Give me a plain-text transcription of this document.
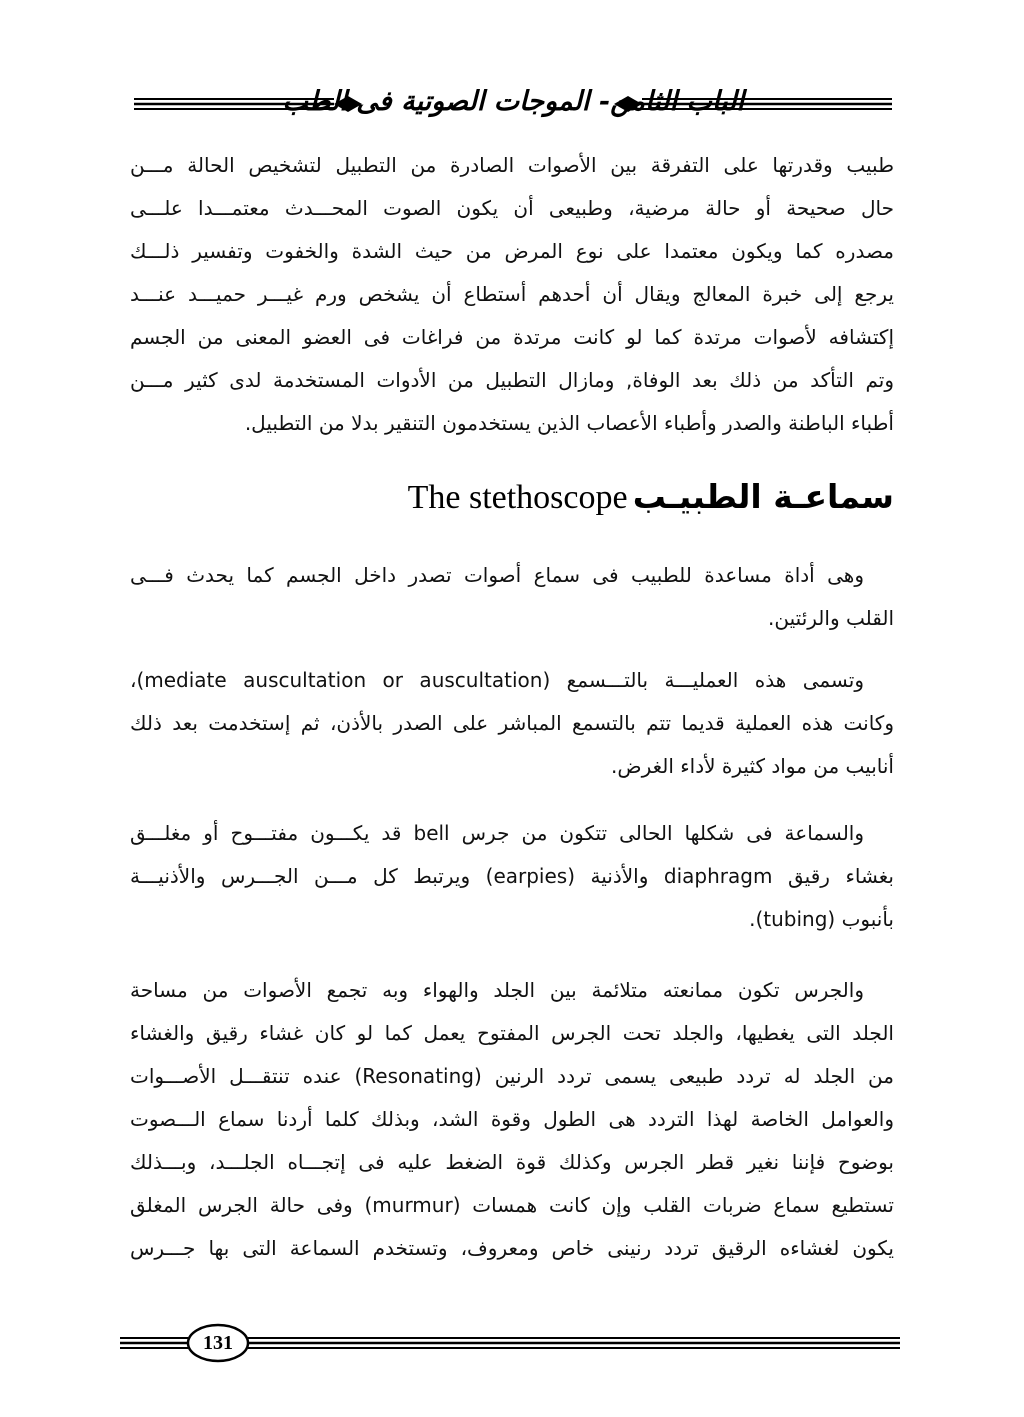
الباب الثامن- الموجات الصوتية فى الطب
طبيب وقدرتها على التفرقة بين الأصوات الصادرة من التطبيل لتشخيص الحالة مـــن
حال صحيحة أو حالة مرضية، وطبيعى أن يكون الصوت المحـــدث معتمـــدا علـــى
مصدره كما ويكون معتمدا على نوع المرض من حيث الشدة والخفوت وتفسير ذلـــك
يرجع إلى خبرة المعالج ويقال أن أحدهم أستطاع أن يشخص ورم غيـــر حميـــد عنـــد
إكتشافه لأصوات مرتدة كما لو كانت مرتدة من فراغات فى العضو المعنى من الجسم
وتم التأكد من ذلك بعد الوفاة, ومازال التطبيل من الأدوات المستخدمة لدى كثير مـــن
أطباء الباطنة والصدر وأطباء الأعصاب الذين يستخدمون التنقير بدلا من التطبيل.
سماعـة الطبيـب The stethoscope
وهى أداة مساعدة للطبيب فى سماع أصوات تصدر داخل الجسم كما يحدث فـــى
القلب والرئتين.
وتسمى هذه العمليـــة بالتـــسمع (mediate auscultation or auscultation)،
وكانت هذه العملية قديما تتم بالتسمع المباشر على الصدر بالأذن، ثم إستخدمت بعد ذلك
أنابيب من مواد كثيرة لأداء الغرض.
والسماعة فى شكلها الحالى تتكون من جرس bell قد يكـــون مفتـــوح أو مغلـــق
بغشاء رقيق diaphragm والأذنية (earpies) ويرتبط كل مـــن الجـــرس والأذنيـــة
بأنبوب (tubing).
والجرس تكون ممانعته متلائمة بين الجلد والهواء وبه تجمع الأصوات من مساحة
الجلد التى يغطيها، والجلد تحت الجرس المفتوح يعمل كما لو كان غشاء رقيق والغشاء
من الجلد له تردد طبيعى يسمى تردد الرنين (Resonating) عنده تنتقـــل الأصـــوات
والعوامل الخاصة لهذا التردد هى الطول وقوة الشد، وبذلك كلما أردنا سماع الـــصوت
بوضوح فإننا نغير قطر الجرس وكذلك قوة الضغط عليه فى إتجـــاه الجلـــد، وبـــذلك
تستطيع سماع ضربات القلب وإن كانت همسات (murmur) وفى حالة الجرس المغلق
يكون لغشاءه الرقيق تردد رنينى خاص ومعروف، وتستخدم السماعة التى بها جـــرس
131
